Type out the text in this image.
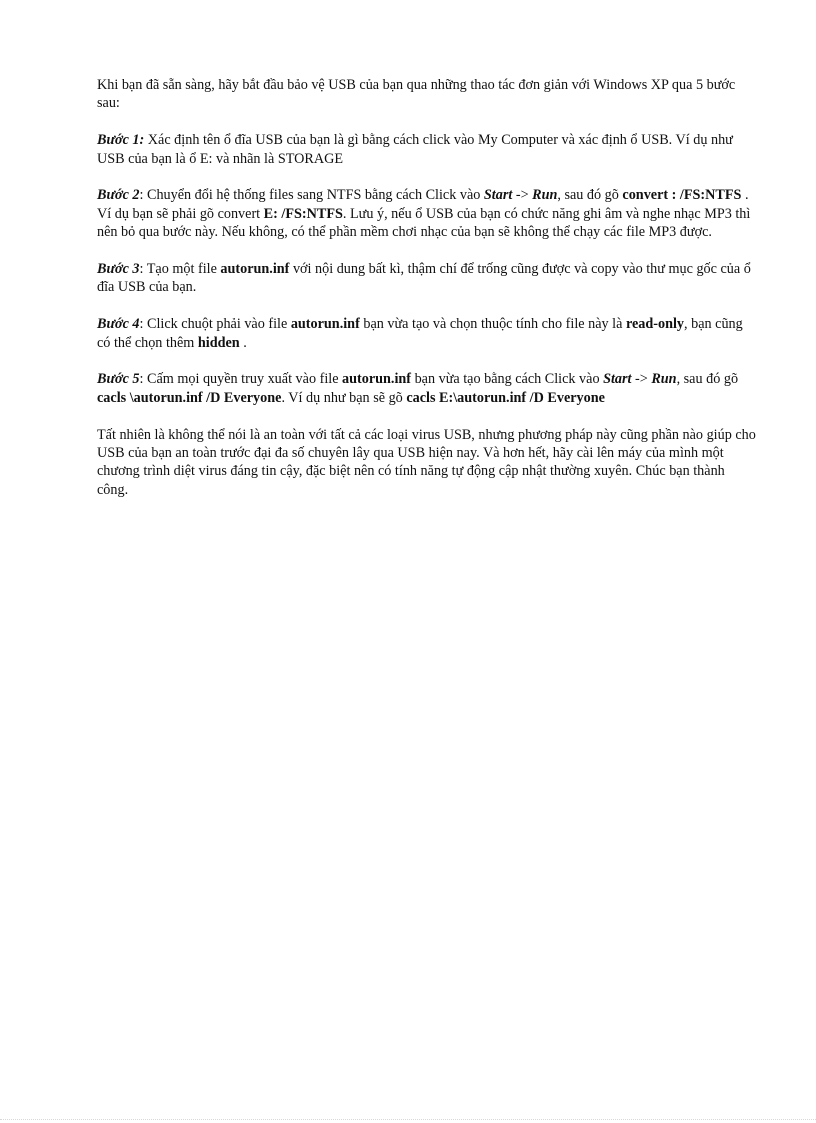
Khi bạn đã sẵn sàng, hãy bắt đầu bảo vệ USB của bạn qua những thao tác đơn giản với Windows XP qua 5 bước sau:

Bước 1: Xác định tên ổ đĩa USB của bạn là gì bằng cách click vào My Computer và xác định ổ USB. Ví dụ như USB của bạn là ổ E: và nhãn là STORAGE

Bước 2: Chuyển đổi hệ thống files sang NTFS bằng cách Click vào Start -> Run, sau đó gõ convert : /FS:NTFS . Ví dụ bạn sẽ phải gõ convert E: /FS:NTFS. Lưu ý, nếu ổ USB của bạn có chức năng ghi âm và nghe nhạc MP3 thì nên bỏ qua bước này. Nếu không, có thể phần mềm chơi nhạc của bạn sẽ không thể chạy các file MP3 được.

Bước 3: Tạo một file autorun.inf với nội dung bất kì, thậm chí để trống cũng được và copy vào thư mục gốc của ổ đĩa USB của bạn.

Bước 4: Click chuột phải vào file autorun.inf bạn vừa tạo và chọn thuộc tính cho file này là read-only, bạn cũng có thể chọn thêm hidden .

Bước 5: Cấm mọi quyền truy xuất vào file autorun.inf bạn vừa tạo bằng cách Click vào Start -> Run, sau đó gõ cacls \autorun.inf /D Everyone. Ví dụ như bạn sẽ gõ cacls E:\autorun.inf /D Everyone

Tất nhiên là không thể nói là an toàn với tất cả các loại virus USB, nhưng phương pháp này cũng phần nào giúp cho USB của bạn an toàn trước đại đa số chuyên lây qua USB hiện nay. Và hơn hết, hãy cài lên máy của mình một chương trình diệt virus đáng tin cậy, đặc biệt nên có tính năng tự động cập nhật thường xuyên. Chúc bạn thành công.
